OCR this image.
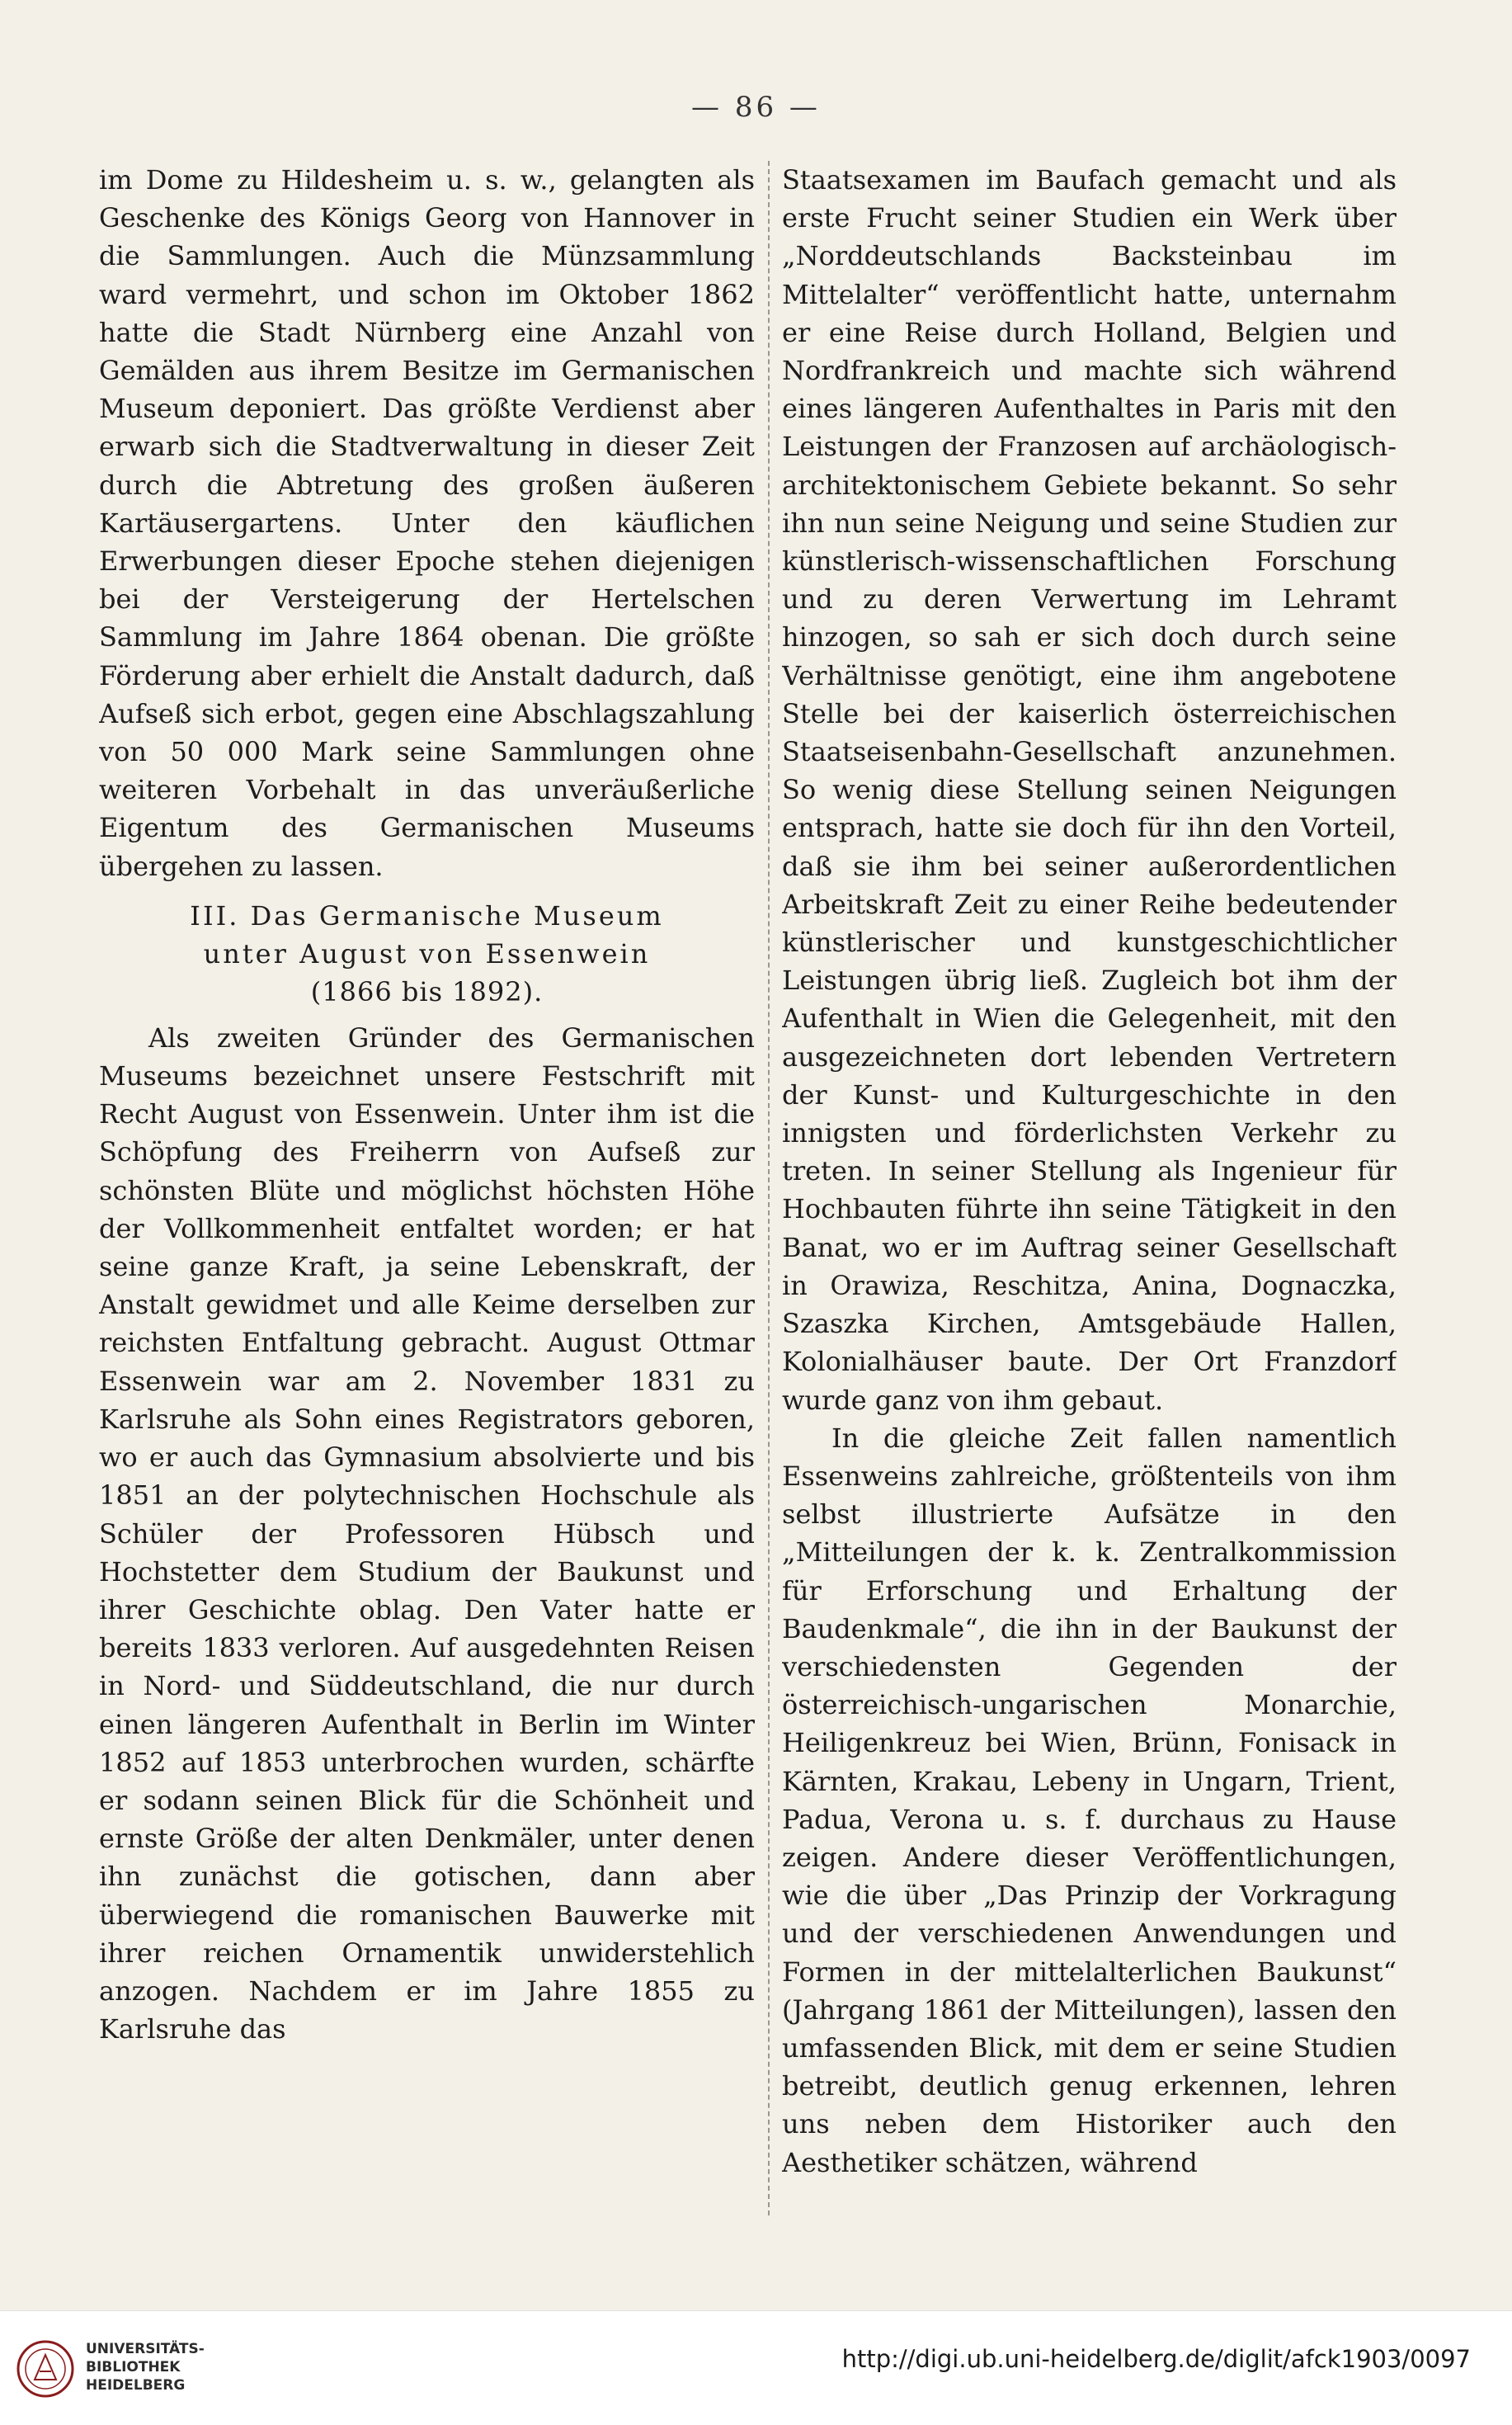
— 86 —

im Dome zu Hildesheim u. s. w., gelangten als Geschenke des Königs Georg von Hannover in die Sammlungen. Auch die Münzsammlung ward vermehrt, und schon im Oktober 1862 hatte die Stadt Nürnberg eine Anzahl von Gemälden aus ihrem Besitze im Germanischen Museum deponiert. Das größte Verdienst aber erwarb sich die Stadtverwaltung in dieser Zeit durch die Abtretung des großen äußeren Kartäusergartens. Unter den käuflichen Erwerbungen dieser Epoche stehen diejenigen bei der Versteigerung der Hertelschen Sammlung im Jahre 1864 obenan. Die größte Förderung aber erhielt die Anstalt dadurch, daß Aufseß sich erbot, gegen eine Abschlagszahlung von 50 000 Mark seine Sammlungen ohne weiteren Vorbehalt in das unveräußerliche Eigentum des Germanischen Museums übergehen zu lassen.

III. Das Germanische Museum
unter August von Essenwein
(1866 bis 1892).

Als zweiten Gründer des Germanischen Museums bezeichnet unsere Festschrift mit Recht August von Essenwein. Unter ihm ist die Schöpfung des Freiherrn von Aufseß zur schönsten Blüte und möglichst höchsten Höhe der Vollkommenheit entfaltet worden; er hat seine ganze Kraft, ja seine Lebenskraft, der Anstalt gewidmet und alle Keime derselben zur reichsten Entfaltung gebracht. August Ottmar Essenwein war am 2. November 1831 zu Karlsruhe als Sohn eines Registrators geboren, wo er auch das Gymnasium absolvierte und bis 1851 an der polytechnischen Hochschule als Schüler der Professoren Hübsch und Hochstetter dem Studium der Baukunst und ihrer Geschichte oblag. Den Vater hatte er bereits 1833 verloren. Auf ausgedehnten Reisen in Nord- und Süddeutschland, die nur durch einen längeren Aufenthalt in Berlin im Winter 1852 auf 1853 unterbrochen wurden, schärfte er sodann seinen Blick für die Schönheit und ernste Größe der alten Denkmäler, unter denen ihn zunächst die gotischen, dann aber überwiegend die romanischen Bauwerke mit ihrer reichen Ornamentik unwiderstehlich anzogen. Nachdem er im Jahre 1855 zu Karlsruhe das

Staatsexamen im Baufach gemacht und als erste Frucht seiner Studien ein Werk über „Norddeutschlands Backsteinbau im Mittelalter“ veröffentlicht hatte, unternahm er eine Reise durch Holland, Belgien und Nordfrankreich und machte sich während eines längeren Aufenthaltes in Paris mit den Leistungen der Franzosen auf archäologisch-architektonischem Gebiete bekannt. So sehr ihn nun seine Neigung und seine Studien zur künstlerisch-wissenschaftlichen Forschung und zu deren Verwertung im Lehramt hinzogen, so sah er sich doch durch seine Verhältnisse genötigt, eine ihm angebotene Stelle bei der kaiserlich österreichischen Staatseisenbahn-Gesellschaft anzunehmen. So wenig diese Stellung seinen Neigungen entsprach, hatte sie doch für ihn den Vorteil, daß sie ihm bei seiner außerordentlichen Arbeitskraft Zeit zu einer Reihe bedeutender künstlerischer und kunstgeschichtlicher Leistungen übrig ließ. Zugleich bot ihm der Aufenthalt in Wien die Gelegenheit, mit den ausgezeichneten dort lebenden Vertretern der Kunst- und Kulturgeschichte in den innigsten und förderlichsten Verkehr zu treten. In seiner Stellung als Ingenieur für Hochbauten führte ihn seine Tätigkeit in den Banat, wo er im Auftrag seiner Gesellschaft in Orawiza, Reschitza, Anina, Dognaczka, Szaszka Kirchen, Amtsgebäude Hallen, Kolonialhäuser baute. Der Ort Franzdorf wurde ganz von ihm gebaut.

In die gleiche Zeit fallen namentlich Essenweins zahlreiche, größtenteils von ihm selbst illustrierte Aufsätze in den „Mitteilungen der k. k. Zentralkommission für Erforschung und Erhaltung der Baudenkmale“, die ihn in der Baukunst der verschiedensten Gegenden der österreichisch-ungarischen Monarchie, Heiligenkreuz bei Wien, Brünn, Fonisack in Kärnten, Krakau, Lebeny in Ungarn, Trient, Padua, Verona u. s. f. durchaus zu Hause zeigen. Andere dieser Veröffentlichungen, wie die über „Das Prinzip der Vorkragung und der verschiedenen Anwendungen und Formen in der mittelalterlichen Baukunst“ (Jahrgang 1861 der Mitteilungen), lassen den umfassenden Blick, mit dem er seine Studien betreibt, deutlich genug erkennen, lehren uns neben dem Historiker auch den Aesthetiker schätzen, während

UNIVERSITÄTS-
BIBLIOTHEK
HEIDELBERG
http://digi.ub.uni-heidelberg.de/diglit/afck1903/0097
